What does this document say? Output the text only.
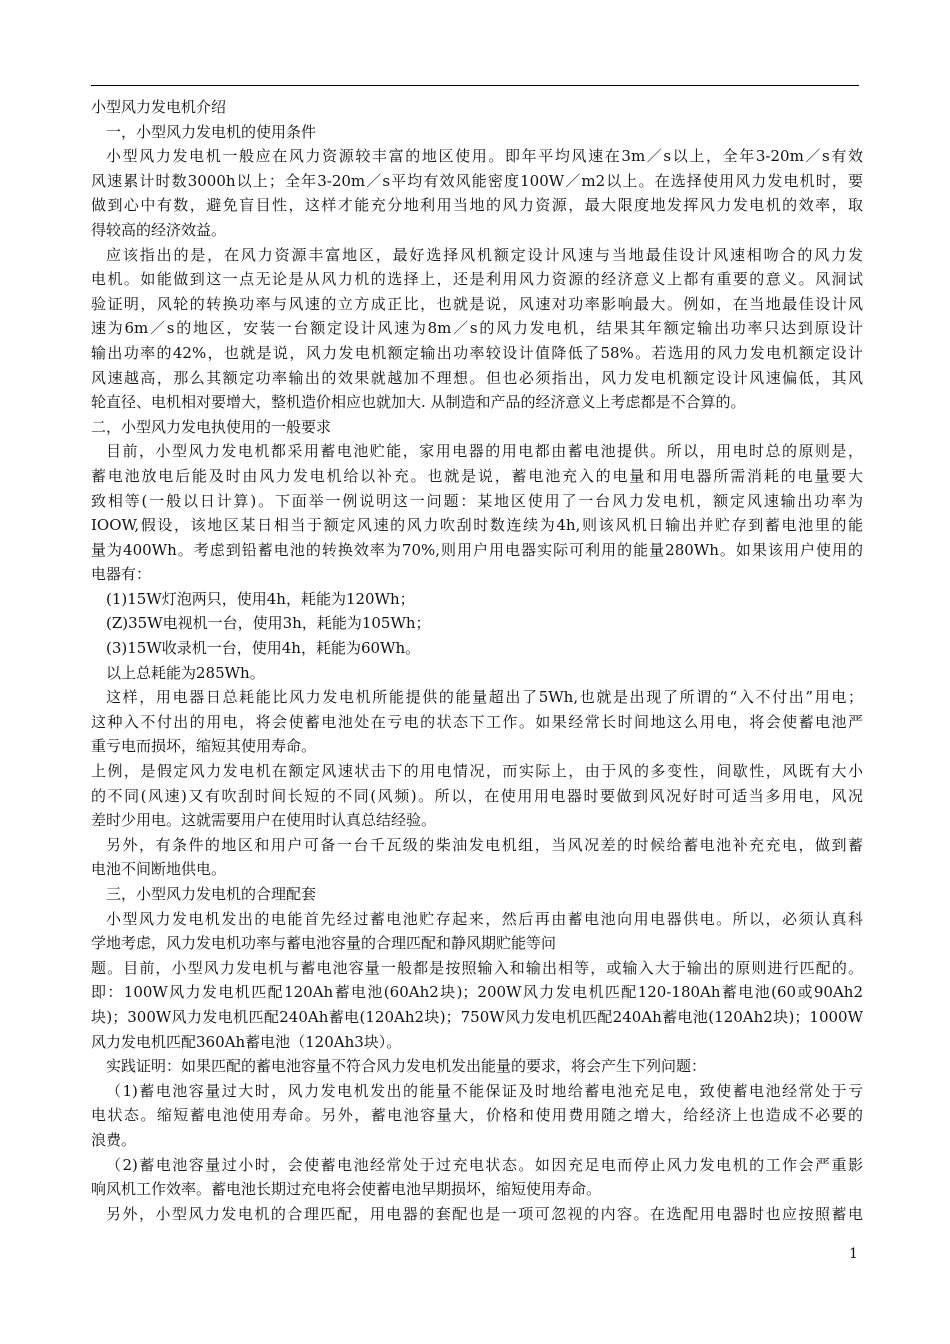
小型风力发电机介绍
一，小型风力发电机的使用条件
小型风力发电机一般应在风力资源较丰富的地区使用。即年平均风速在3m／s以上，全年3-20m／s有效
风速累计时数3000h以上；全年3-20m／s平均有效风能密度100W／m2以上。在选择使用风力发电机时，要
做到心中有数，避免盲目性，这样才能充分地利用当地的风力资源，最大限度地发挥风力发电机的效率，取
得较高的经济效益。
应该指出的是，在风力资源丰富地区，最好选择风机额定设计风速与当地最佳设计风速相吻合的风力发
电机。如能做到这一点无论是从风力机的选择上，还是利用风力资源的经济意义上都有重要的意义。风洞试
验证明，风轮的转换功率与风速的立方成正比，也就是说，风速对功率影响最大。例如，在当地最佳设计风
速为6m／s的地区，安装一台额定设计风速为8m／s的风力发电机，结果其年额定输出功率只达到原设计
输出功率的42%，也就是说，风力发电机额定输出功率较设计值降低了58%。若选用的风力发电机额定设计
风速越高，那么其额定功率输出的效果就越加不理想。但也必须指出，风力发电机额定设计风速偏低，其风
轮直径、电机相对要增大，整机造价相应也就加大. 从制造和产品的经济意义上考虑都是不合算的。
二，小型风力发电执使用的一般要求
目前，小型风力发电机都采用蓄电池贮能，家用电器的用电都由蓄电池提供。所以，用电时总的原则是，
蓄电池放电后能及时由风力发电机给以补充。也就是说，蓄电池充入的电量和用电器所需消耗的电量要大
致相等(一般以日计算)。下面举一例说明这一问题：某地区使用了一台风力发电机，额定风速输出功率为
IOOW,假设，该地区某日相当于额定风速的风力吹刮时数连续为4h,则该风机日输出并贮存到蓄电池里的能
量为400Wh。考虑到铅蓄电池的转换效率为70%,则用户用电器实际可利用的能量280Wh。如果该用户使用的
电器有：
(1)15W灯泡两只，使用4h，耗能为120Wh；
(Z)35W电视机一台，使用3h，耗能为105Wh；
(3)15W收录机一台，使用4h，耗能为60Wh。
以上总耗能为285Wh。
这样，用电器日总耗能比风力发电机所能提供的能量超出了5Wh,也就是出现了所谓的“入不付出”用电；
这种入不付出的用电，将会使蓄电池处在亏电的状态下工作。如果经常长时间地这么用电，将会使蓄电池严
重亏电而损坏，缩短其使用寿命。
上例，是假定风力发电机在额定风速状击下的用电情况，而实际上，由于风的多变性，间歇性，风既有大小
的不同(风速)又有吹刮时间长短的不同(风频)。所以，在使用用电器时要做到风况好时可适当多用电，风况
差时少用电。这就需要用户在使用时认真总结经验。
另外，有条件的地区和用户可备一台千瓦级的柴油发电机组，当风况差的时候给蓄电池补充充电，做到蓄
电池不间断地供电。
三，小型风力发电机的合理配套
小型风力发电机发出的电能首先经过蓄电池贮存起来，然后再由蓄电池向用电器供电。所以，必须认真科
学地考虑，风力发电机功率与蓄电池容量的合理匹配和静风期贮能等问
题。目前，小型风力发电机与蓄电池容量一般都是按照输入和输出相等，或输入大于输出的原则进行匹配的。
即：100W风力发电机匹配120Ah蓄电池(60Ah2块)；200W风力发电机匹配120-180Ah蓄电池(60或90Ah2
块)；300W风力发电机匹配240Ah蓄电(120Ah2块)；750W风力发电机匹配240Ah蓄电池(120Ah2块)；1000W
风力发电机匹配360Ah蓄电池（120Ah3块）。
实践证明：如果匹配的蓄电池容量不符合风力发电机发出能量的要求，将会产生下列问题：
（1)蓄电池容量过大时，风力发电机发出的能量不能保证及时地给蓄电池充足电，致使蓄电池经常处于亏
电状态。缩短蓄电池使用寿命。另外，蓄电池容量大，价格和使用费用随之增大，给经济上也造成不必要的
浪费。
（2)蓄电池容量过小时，会使蓄电池经常处于过充电状态。如因充足电而停止风力发电机的工作会严重影
响风机工作效率。蓄电池长期过充电将会使蓄电池早期损坏，缩短使用寿命。
另外，小型风力发电机的合理匹配，用电器的套配也是一项可忽视的内容。在选配用电器时也应按照蓄电
1
